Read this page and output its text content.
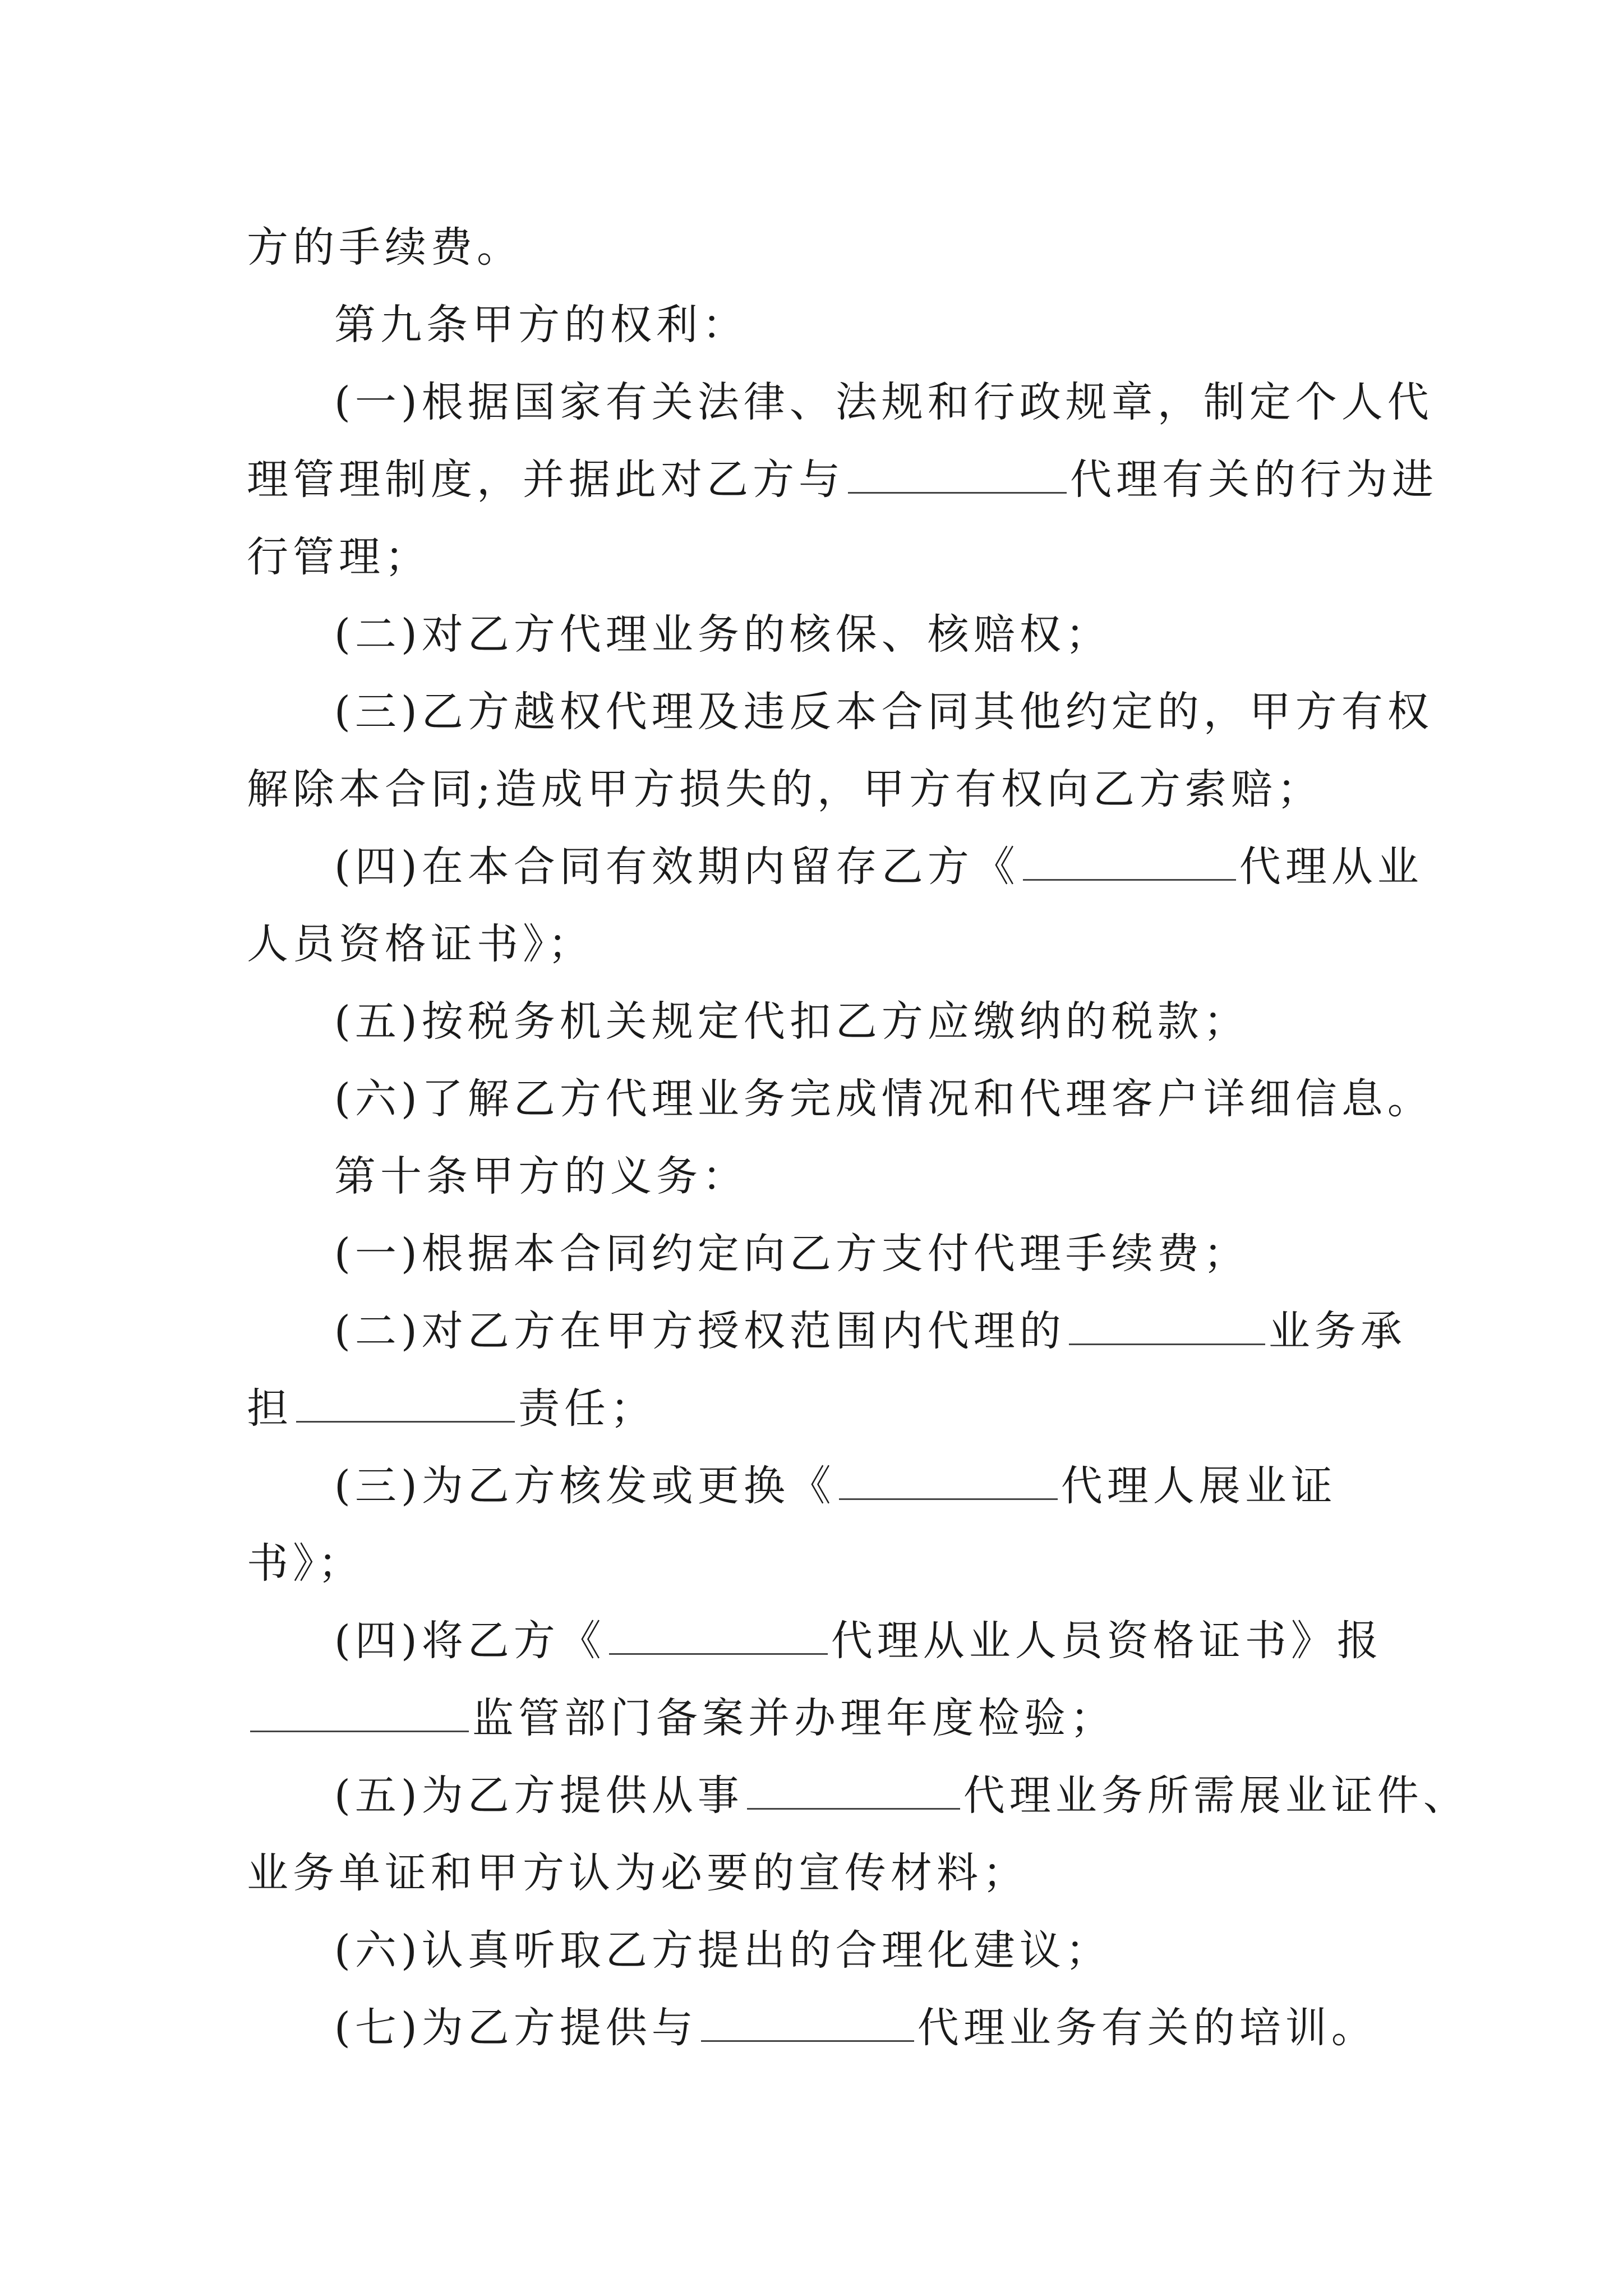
方的手续费。
第九条甲方的权利：
(一)根据国家有关法律、法规和行政规章，制定个人代
理管理制度，并据此对乙方与	代理有关的行为进
行管理；
(二)对乙方代理业务的核保、核赔权；
(三)乙方越权代理及违反本合同其他约定的，甲方有权
解除本合同;造成甲方损失的，甲方有权向乙方索赔；
(四)在本合同有效期内留存乙方《	代理从业
人员资格证书》；
(五)按税务机关规定代扣乙方应缴纳的税款；
(六)了解乙方代理业务完成情况和代理客户详细信息。
第十条甲方的义务：
(一)根据本合同约定向乙方支付代理手续费；
(二)对乙方在甲方授权范围内代理的	业务承
担	责任；
(三)为乙方核发或更换《	代理人展业证
书》；
(四)将乙方《	代理从业人员资格证书》报
监管部门备案并办理年度检验；
(五)为乙方提供从事	代理业务所需展业证件、
业务单证和甲方认为必要的宣传材料；
(六)认真听取乙方提出的合理化建议；
(七)为乙方提供与	代理业务有关的培训。
